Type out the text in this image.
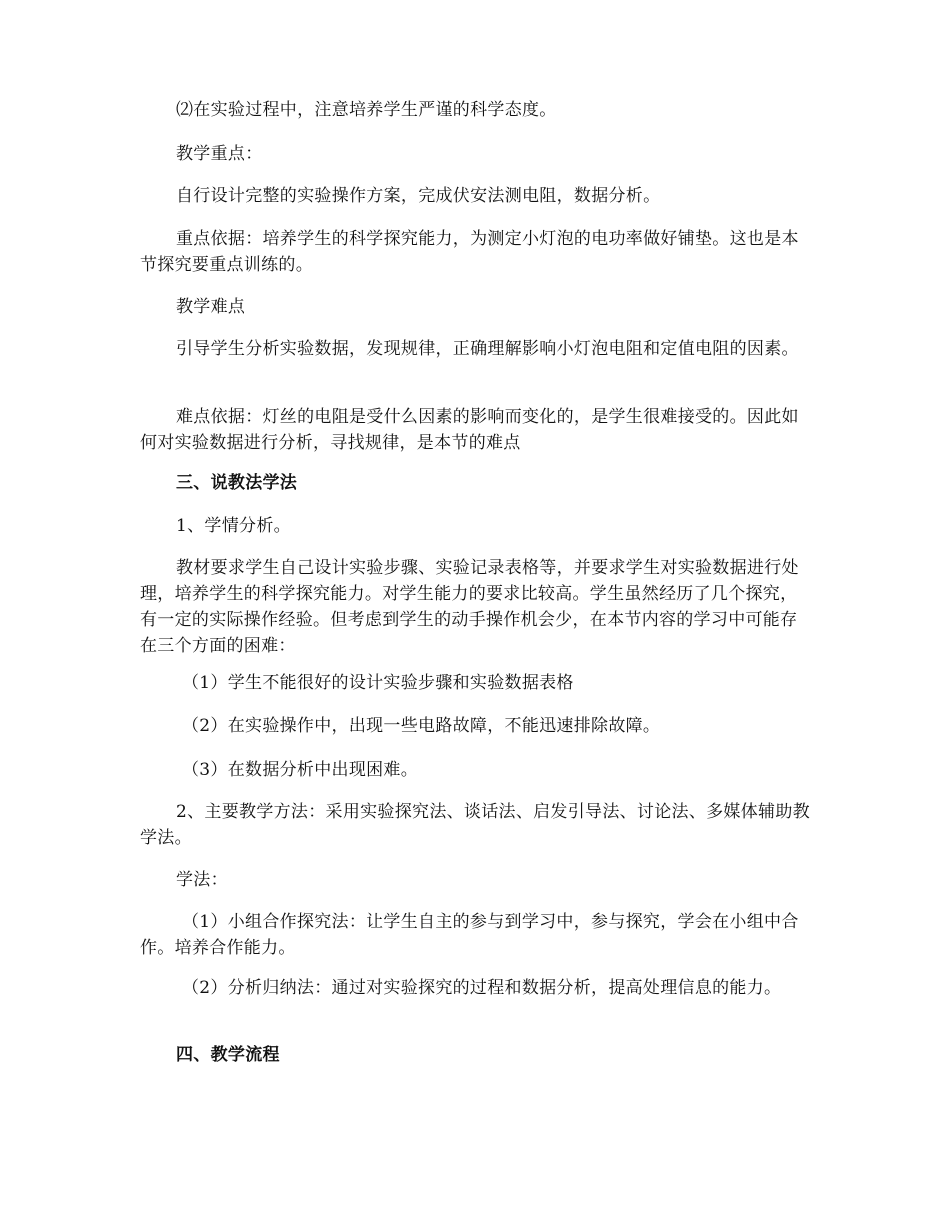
⑵在实验过程中，注意培养学生严谨的科学态度。

教学重点：

自行设计完整的实验操作方案，完成伏安法测电阻，数据分析。

重点依据：培养学生的科学探究能力，为测定小灯泡的电功率做好铺垫。这也是本节探究要重点训练的。

教学难点

引导学生分析实验数据，发现规律，正确理解影响小灯泡电阻和定值电阻的因素。

难点依据：灯丝的电阻是受什么因素的影响而变化的，是学生很难接受的。因此如何对实验数据进行分析，寻找规律，是本节的难点

三、说教法学法

1、学情分析。

教材要求学生自己设计实验步骤、实验记录表格等，并要求学生对实验数据进行处理，培养学生的科学探究能力。对学生能力的要求比较高。学生虽然经历了几个探究，有一定的实际操作经验。但考虑到学生的动手操作机会少，在本节内容的学习中可能存在三个方面的困难：

（1）学生不能很好的设计实验步骤和实验数据表格

（2）在实验操作中，出现一些电路故障，不能迅速排除故障。

（3）在数据分析中出现困难。

2、主要教学方法：采用实验探究法、谈话法、启发引导法、讨论法、多媒体辅助教学法。

学法：

（1）小组合作探究法：让学生自主的参与到学习中，参与探究，学会在小组中合作。培养合作能力。

（2）分析归纳法：通过对实验探究的过程和数据分析，提高处理信息的能力。

四、教学流程
